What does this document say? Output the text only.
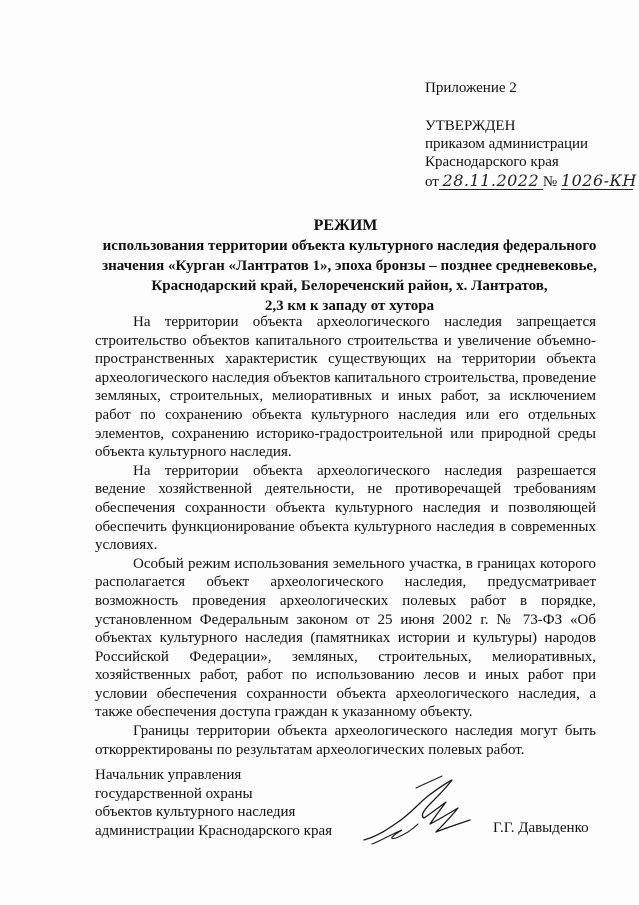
Приложение 2
УТВЕРЖДЕН
приказом администрации
Краснодарского края
от 28.11.2022 № 1026-КН
РЕЖИМ
использования территории объекта культурного наследия федерального
значения «Курган «Лантратов 1», эпоха бронзы – позднее средневековье,
Краснодарский край, Белореченский район, х. Лантратов,
2,3 км к западу от хутора

На территории объекта археологического наследия запрещается строительство объектов капитального строительства и увеличение объемно-пространственных характеристик существующих на территории объекта археологического наследия объектов капитального строительства, проведение земляных, строительных, мелиоративных и иных работ, за исключением работ по сохранению объекта культурного наследия или его отдельных элементов, сохранению историко-градостроительной или природной среды объекта культурного наследия.

На территории объекта археологического наследия разрешается ведение хозяйственной деятельности, не противоречащей требованиям обеспечения сохранности объекта культурного наследия и позволяющей обеспечить функционирование объекта культурного наследия в современных условиях.

Особый режим использования земельного участка, в границах которого располагается объект археологического наследия, предусматривает возможность проведения археологических полевых работ в порядке, установленном Федеральным законом от 25 июня 2002 г. № 73-ФЗ «Об объектах культурного наследия (памятниках истории и культуры) народов Российской Федерации», земляных, строительных, мелиоративных, хозяйственных работ, работ по использованию лесов и иных работ при условии обеспечения сохранности объекта археологического наследия, а также обеспечения доступа граждан к указанному объекту.

Границы территории объекта археологического наследия могут быть откорректированы по результатам археологических полевых работ.

Начальник управления
государственной охраны
объектов культурного наследия
администрации Краснодарского края	Г.Г. Давыденко
